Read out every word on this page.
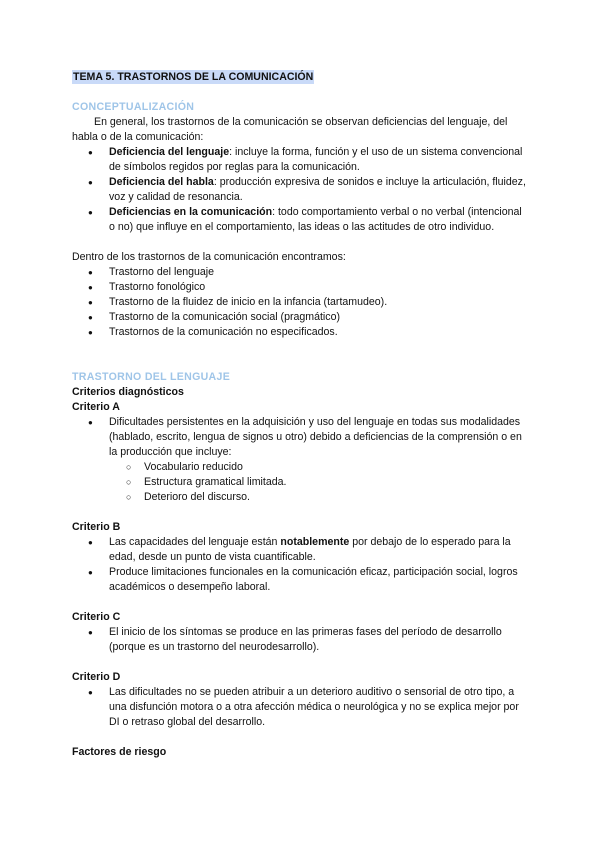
TEMA 5. TRASTORNOS DE LA COMUNICACIÓN

CONCEPTUALIZACIÓN

En general, los trastornos de la comunicación se observan deficiencias del lenguaje, del habla o de la comunicación:

● Deficiencia del lenguaje: incluye la forma, función y el uso de un sistema convencional de símbolos regidos por reglas para la comunicación.
● Deficiencia del habla: producción expresiva de sonidos e incluye la articulación, fluidez, voz y calidad de resonancia.
● Deficiencias en la comunicación: todo comportamiento verbal o no verbal (intencional o no) que influye en el comportamiento, las ideas o las actitudes de otro individuo.

Dentro de los trastornos de la comunicación encontramos:

● Trastorno del lenguaje
● Trastorno fonológico
● Trastorno de la fluidez de inicio en la infancia (tartamudeo).
● Trastorno de la comunicación social (pragmático)
● Trastornos de la comunicación no especificados.

TRASTORNO DEL LENGUAJE

Criterios diagnósticos

Criterio A

● Dificultades persistentes en la adquisición y uso del lenguaje en todas sus modalidades (hablado, escrito, lengua de signos u otro) debido a deficiencias de la comprensión o en la producción que incluye:
○ Vocabulario reducido
○ Estructura gramatical limitada.
○ Deterioro del discurso.

Criterio B

● Las capacidades del lenguaje están notablemente por debajo de lo esperado para la edad, desde un punto de vista cuantificable.
● Produce limitaciones funcionales en la comunicación eficaz, participación social, logros académicos o desempeño laboral.

Criterio C

● El inicio de los síntomas se produce en las primeras fases del período de desarrollo (porque es un trastorno del neurodesarrollo).

Criterio D

● Las dificultades no se pueden atribuir a un deterioro auditivo o sensorial de otro tipo, a una disfunción motora o a otra afección médica o neurológica y no se explica mejor por DI o retraso global del desarrollo.

Factores de riesgo
